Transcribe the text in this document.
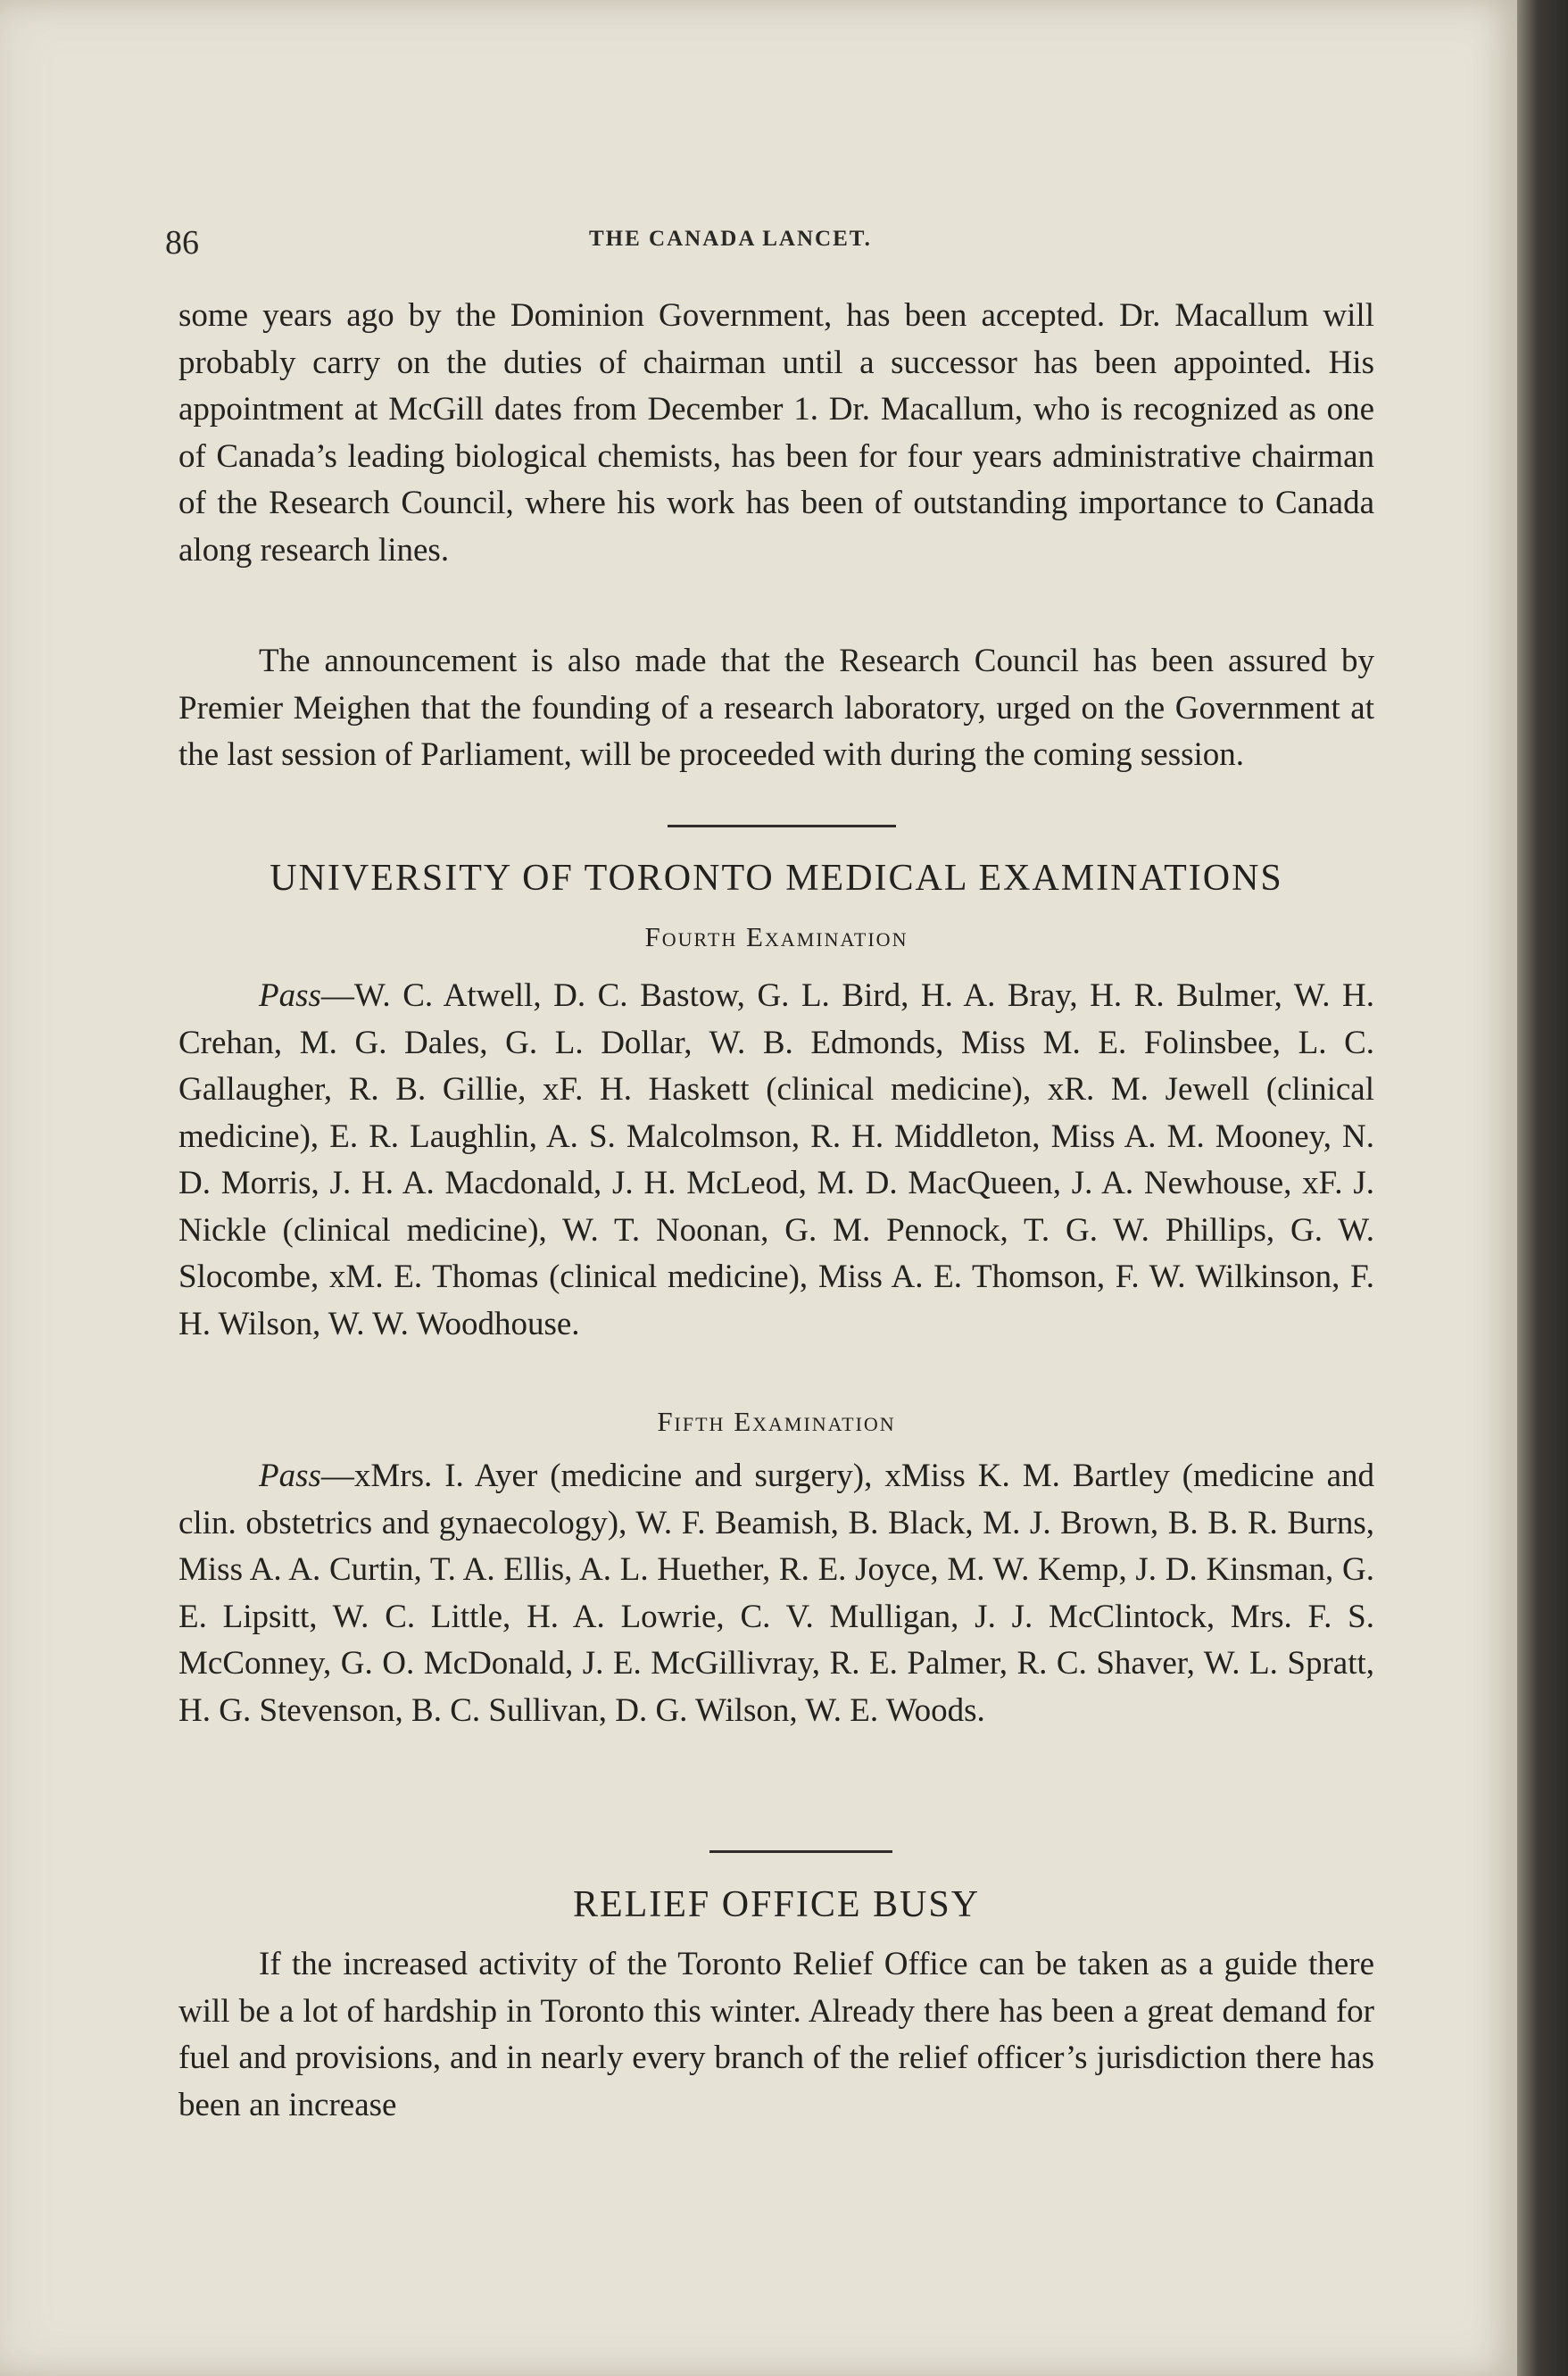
86	THE CANADA LANCET.

some years ago by the Dominion Government, has been accepted. Dr. Macallum will probably carry on the duties of chairman until a successor has been appointed. His appointment at McGill dates from December 1. Dr. Macallum, who is recognized as one of Canada’s leading biological chemists, has been for four years administrative chairman of the Research Council, where his work has been of outstanding importance to Canada along research lines.

The announcement is also made that the Research Council has been assured by Premier Meighen that the founding of a research laboratory, urged on the Government at the last session of Parliament, will be proceeded with during the coming session.

UNIVERSITY OF TORONTO MEDICAL EXAMINATIONS
Fourth Examination

Pass—W. C. Atwell, D. C. Bastow, G. L. Bird, H. A. Bray, H. R. Bulmer, W. H. Crehan, M. G. Dales, G. L. Dollar, W. B. Edmonds, Miss M. E. Folinsbee, L. C. Gallaugher, R. B. Gillie, xF. H. Haskett (clinical medicine), xR. M. Jewell (clinical medicine), E. R. Laughlin, A. S. Malcolmson, R. H. Middleton, Miss A. M. Mooney, N. D. Morris, J. H. A. Macdonald, J. H. McLeod, M. D. MacQueen, J. A. Newhouse, xF. J. Nickle (clinical medicine), W. T. Noonan, G. M. Pennock, T. G. W. Phillips, G. W. Slocombe, xM. E. Thomas (clinical medicine), Miss A. E. Thomson, F. W. Wilkinson, F. H. Wilson, W. W. Woodhouse.

Fifth Examination

Pass—xMrs. I. Ayer (medicine and surgery), xMiss K. M. Bartley (medicine and clin. obstetrics and gynaecology), W. F. Beamish, B. Black, M. J. Brown, B. B. R. Burns, Miss A. A. Curtin, T. A. Ellis, A. L. Huether, R. E. Joyce, M. W. Kemp, J. D. Kinsman, G. E. Lipsitt, W. C. Little, H. A. Lowrie, C. V. Mulligan, J. J. McClintock, Mrs. F. S. McConney, G. O. McDonald, J. E. McGillivray, R. E. Palmer, R. C. Shaver, W. L. Spratt, H. G. Stevenson, B. C. Sullivan, D. G. Wilson, W. E. Woods.

RELIEF OFFICE BUSY

If the increased activity of the Toronto Relief Office can be taken as a guide there will be a lot of hardship in Toronto this winter. Already there has been a great demand for fuel and provisions, and in nearly every branch of the relief officer’s jurisdiction there has been an increase
